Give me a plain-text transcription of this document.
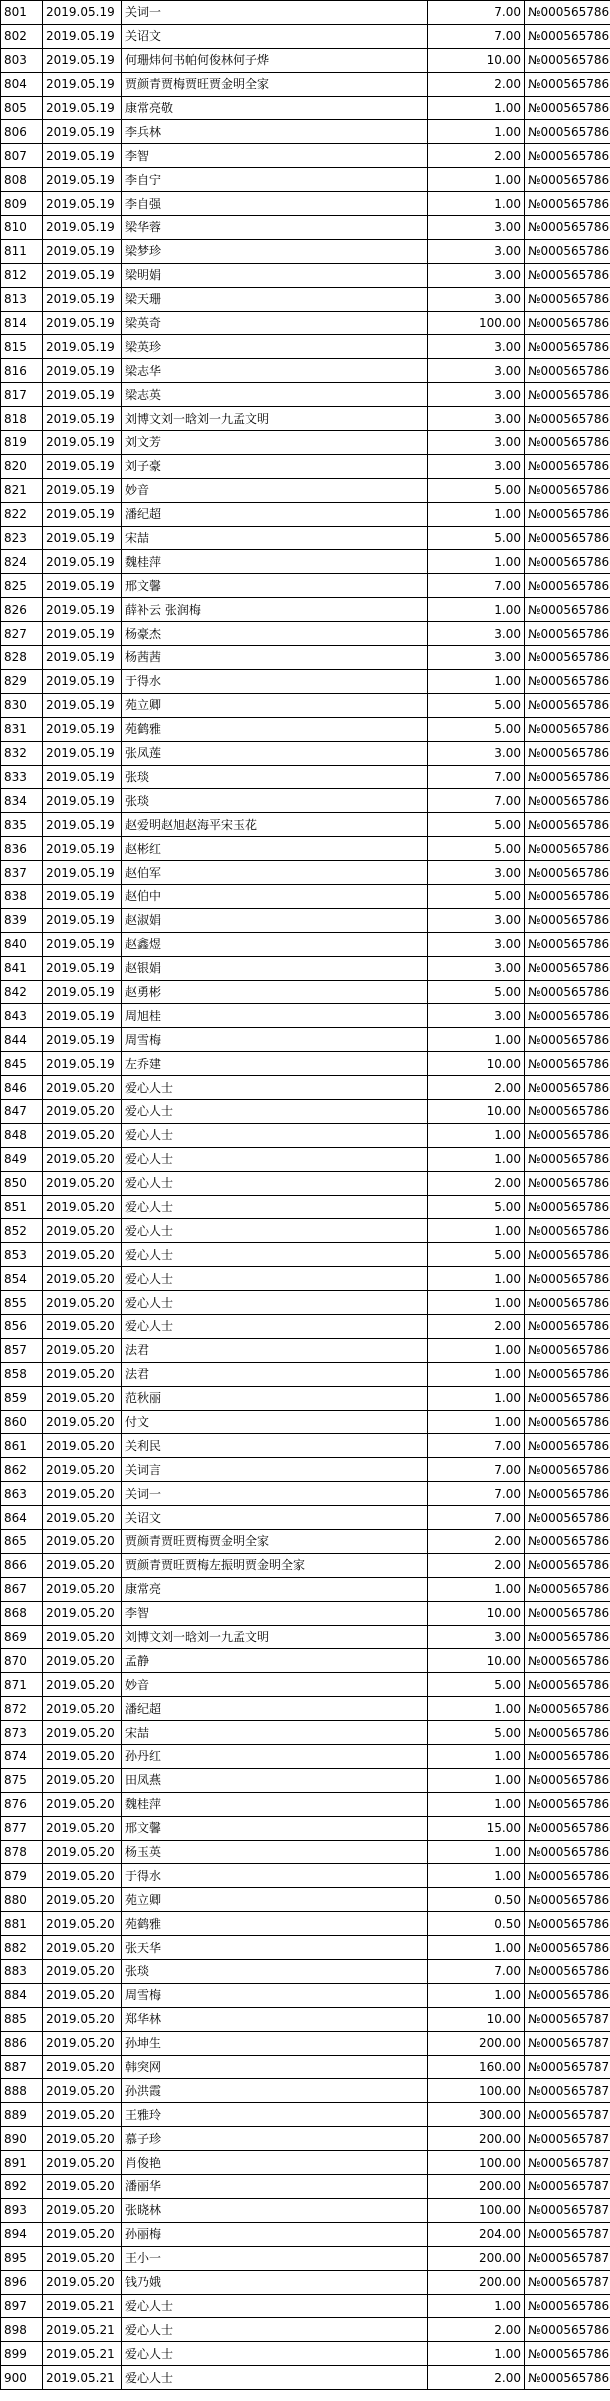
801	2019.05.19	关词一	7.00	№000565786
802	2019.05.19	关诏文	7.00	№000565786
803	2019.05.19	何珊炜何书帕何俊林何子烨	10.00	№000565786
804	2019.05.19	贾颜青贾梅贾旺贾金明全家	2.00	№000565786
805	2019.05.19	康常亮敬	1.00	№000565786
806	2019.05.19	李兵林	1.00	№000565786
807	2019.05.19	李智	2.00	№000565786
808	2019.05.19	李自宁	1.00	№000565786
809	2019.05.19	李自强	1.00	№000565786
810	2019.05.19	梁华蓉	3.00	№000565786
811	2019.05.19	梁梦珍	3.00	№000565786
812	2019.05.19	梁明娟	3.00	№000565786
813	2019.05.19	梁天珊	3.00	№000565786
814	2019.05.19	梁英奇	100.00	№000565786
815	2019.05.19	梁英珍	3.00	№000565786
816	2019.05.19	梁志华	3.00	№000565786
817	2019.05.19	梁志英	3.00	№000565786
818	2019.05.19	刘博文刘一晗刘一九孟文明	3.00	№000565786
819	2019.05.19	刘文芳	3.00	№000565786
820	2019.05.19	刘子豪	3.00	№000565786
821	2019.05.19	妙音	5.00	№000565786
822	2019.05.19	潘纪超	1.00	№000565786
823	2019.05.19	宋喆	5.00	№000565786
824	2019.05.19	魏桂萍	1.00	№000565786
825	2019.05.19	邢文馨	7.00	№000565786
826	2019.05.19	薛补云 张润梅	1.00	№000565786
827	2019.05.19	杨豪杰	3.00	№000565786
828	2019.05.19	杨茜茜	3.00	№000565786
829	2019.05.19	于得水	1.00	№000565786
830	2019.05.19	苑立卿	5.00	№000565786
831	2019.05.19	苑鹤雅	5.00	№000565786
832	2019.05.19	张凤莲	3.00	№000565786
833	2019.05.19	张琰	7.00	№000565786
834	2019.05.19	张琰	7.00	№000565786
835	2019.05.19	赵爱明赵旭赵海平宋玉花	5.00	№000565786
836	2019.05.19	赵彬红	5.00	№000565786
837	2019.05.19	赵伯军	3.00	№000565786
838	2019.05.19	赵伯中	5.00	№000565786
839	2019.05.19	赵淑娟	3.00	№000565786
840	2019.05.19	赵鑫煜	3.00	№000565786
841	2019.05.19	赵银娟	3.00	№000565786
842	2019.05.19	赵勇彬	5.00	№000565786
843	2019.05.19	周旭桂	3.00	№000565786
844	2019.05.19	周雪梅	1.00	№000565786
845	2019.05.19	左乔建	10.00	№000565786
846	2019.05.20	爱心人士	2.00	№000565786
847	2019.05.20	爱心人士	10.00	№000565786
848	2019.05.20	爱心人士	1.00	№000565786
849	2019.05.20	爱心人士	1.00	№000565786
850	2019.05.20	爱心人士	2.00	№000565786
851	2019.05.20	爱心人士	5.00	№000565786
852	2019.05.20	爱心人士	1.00	№000565786
853	2019.05.20	爱心人士	5.00	№000565786
854	2019.05.20	爱心人士	1.00	№000565786
855	2019.05.20	爱心人士	1.00	№000565786
856	2019.05.20	爱心人士	2.00	№000565786
857	2019.05.20	法君	1.00	№000565786
858	2019.05.20	法君	1.00	№000565786
859	2019.05.20	范秋丽	1.00	№000565786
860	2019.05.20	付文	1.00	№000565786
861	2019.05.20	关利民	7.00	№000565786
862	2019.05.20	关词言	7.00	№000565786
863	2019.05.20	关词一	7.00	№000565786
864	2019.05.20	关诏文	7.00	№000565786
865	2019.05.20	贾颜青贾旺贾梅贾金明全家	2.00	№000565786
866	2019.05.20	贾颜青贾旺贾梅左振明贾金明全家	2.00	№000565786
867	2019.05.20	康常亮	1.00	№000565786
868	2019.05.20	李智	10.00	№000565786
869	2019.05.20	刘博文刘一晗刘一九孟文明	3.00	№000565786
870	2019.05.20	孟静	10.00	№000565786
871	2019.05.20	妙音	5.00	№000565786
872	2019.05.20	潘纪超	1.00	№000565786
873	2019.05.20	宋喆	5.00	№000565786
874	2019.05.20	孙丹红	1.00	№000565786
875	2019.05.20	田凤燕	1.00	№000565786
876	2019.05.20	魏桂萍	1.00	№000565786
877	2019.05.20	邢文馨	15.00	№000565786
878	2019.05.20	杨玉英	1.00	№000565786
879	2019.05.20	于得水	1.00	№000565786
880	2019.05.20	苑立卿	0.50	№000565786
881	2019.05.20	苑鹤雅	0.50	№000565786
882	2019.05.20	张天华	1.00	№000565786
883	2019.05.20	张琰	7.00	№000565786
884	2019.05.20	周雪梅	1.00	№000565786
885	2019.05.20	郑华林	10.00	№000565787
886	2019.05.20	孙坤生	200.00	№000565787
887	2019.05.20	韩突网	160.00	№000565787
888	2019.05.20	孙洪霞	100.00	№000565787
889	2019.05.20	王雅玲	300.00	№000565787
890	2019.05.20	慕子珍	200.00	№000565787
891	2019.05.20	肖俊艳	100.00	№000565787
892	2019.05.20	潘丽华	200.00	№000565787
893	2019.05.20	张晓林	100.00	№000565787
894	2019.05.20	孙丽梅	204.00	№000565787
895	2019.05.20	王小一	200.00	№000565787
896	2019.05.20	钱乃娥	200.00	№000565787
897	2019.05.21	爱心人士	1.00	№000565786
898	2019.05.21	爱心人士	2.00	№000565786
899	2019.05.21	爱心人士	1.00	№000565786
900	2019.05.21	爱心人士	2.00	№000565786
